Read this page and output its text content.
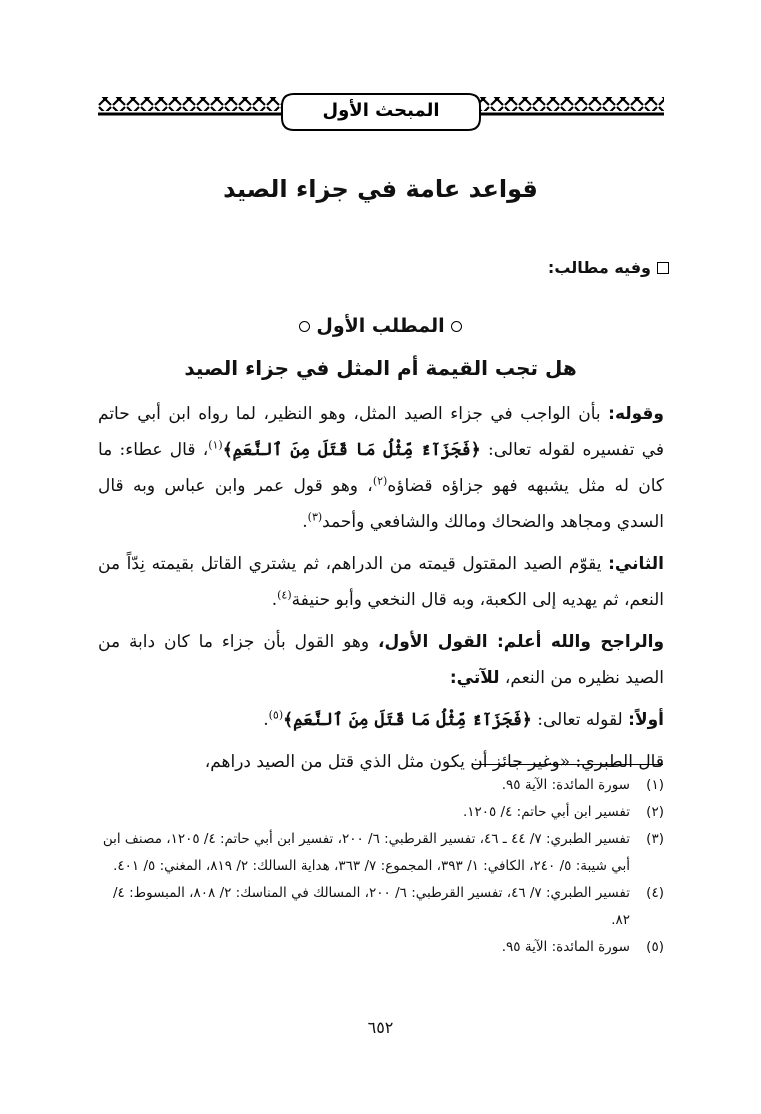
المبحث الأول
قواعد عامة في جزاء الصيد
وفيه مطالب:
المطلب الأول
هل تجب القيمة أم المثل في جزاء الصيد

وقوله: بأن الواجب في جزاء الصيد المثل، وهو النظير، لما رواه ابن أبي حاتم في تفسيره لقوله تعالى: ﴿فَجَزَآءٌ مِّثْلُ مَا قَتَلَ مِنَ ٱلنَّعَمِ﴾$^{(١)}$، قال عطاء: ما كان له مثل يشبهه فهو جزاؤه قضاؤه$^{(٢)}$، وهو قول عمر وابن عباس وبه قال السدي ومجاهد والضحاك ومالك والشافعي وأحمد$^{(٣)}$.

الثاني: يقوّم الصيد المقتول قيمته من الدراهم، ثم يشتري القاتل بقيمته نِدّاً من النعم، ثم يهديه إلى الكعبة، وبه قال النخعي وأبو حنيفة$^{(٤)}$.

والراجح والله أعلم: القول الأول، وهو القول بأن جزاء ما كان دابة من الصيد نظيره من النعم، للآتي:

أولاً: لقوله تعالى: ﴿فَجَزَآءٌ مِّثْلُ مَا قَتَلَ مِنَ ٱلنَّعَمِ﴾$^{(٥)}$.

قال الطبري: «وغير جائز أن يكون مثل الذي قتل من الصيد دراهم،

(١)
سورة المائدة: الآية ٩٥.
(٢)
تفسير ابن أبي حاتم: ٤/ ١٢٠٥.
(٣)
تفسير الطبري: ٧/ ٤٤ ـ ٤٦، تفسير القرطبي: ٦/ ٢٠٠، تفسير ابن أبي حاتم: ٤/ ١٢٠٥، مصنف ابن أبي شيبة: ٥/ ٢٤٠، الكافي: ١/ ٣٩٣، المجموع: ٧/ ٣٦٣، هداية السالك: ٢/ ٨١٩، المغني: ٥/ ٤٠١.
(٤)
تفسير الطبري: ٧/ ٤٦، تفسير القرطبي: ٦/ ٢٠٠، المسالك في المناسك: ٢/ ٨٠٨، المبسوط: ٤/ ٨٢.
(٥)
سورة المائدة: الآية ٩٥.
٦٥٢
